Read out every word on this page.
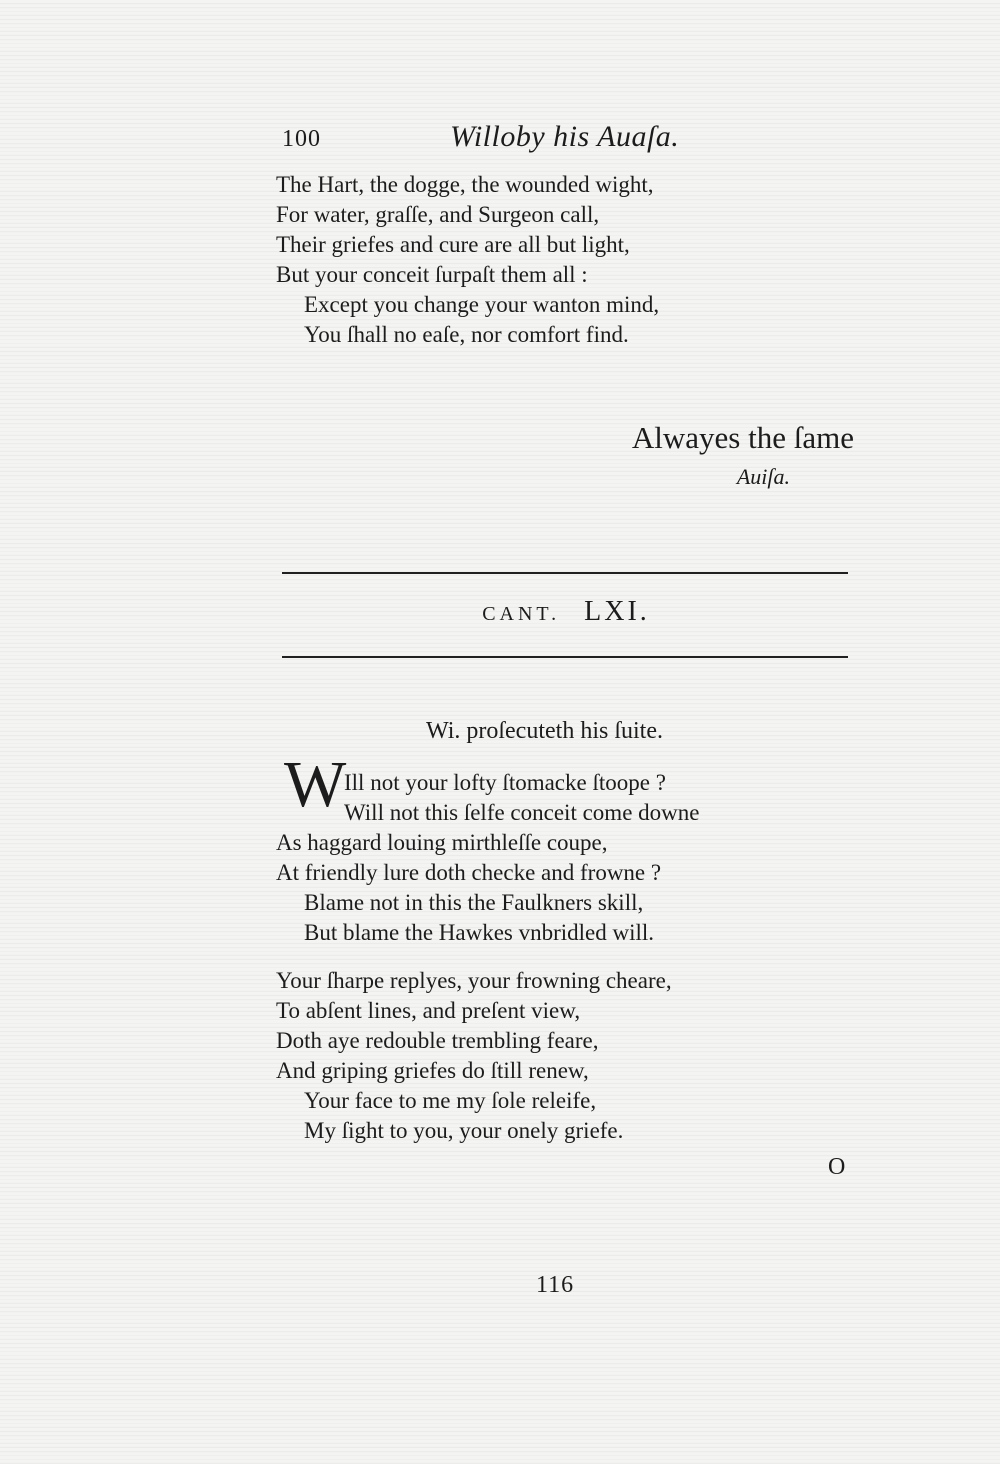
100	Willoby his Auaſa.
The Hart, the dogge, the wounded wight,
For water, graſſe, and Surgeon call,
Their griefes and cure are all but light,
But your conceit ſurpaſt them all :
Except you change your wanton mind,
You ſhall no eaſe, nor comfort find.
Alwayes the ſame
Auiſa.
CANT. LXI.
Wi. proſecuteth his ſuite.
W
Ill not your lofty ſtomacke ſtoope ?
Will not this ſelfe conceit come downe
As haggard louing mirthleſſe coupe,
At friendly lure doth checke and frowne ?
Blame not in this the Faulkners skill,
But blame the Hawkes vnbridled will.
Your ſharpe replyes, your frowning cheare,
To abſent lines, and preſent view,
Doth aye redouble trembling feare,
And griping griefes do ſtill renew,
Your face to me my ſole releife,
My ſight to you, your onely griefe.
O
116
